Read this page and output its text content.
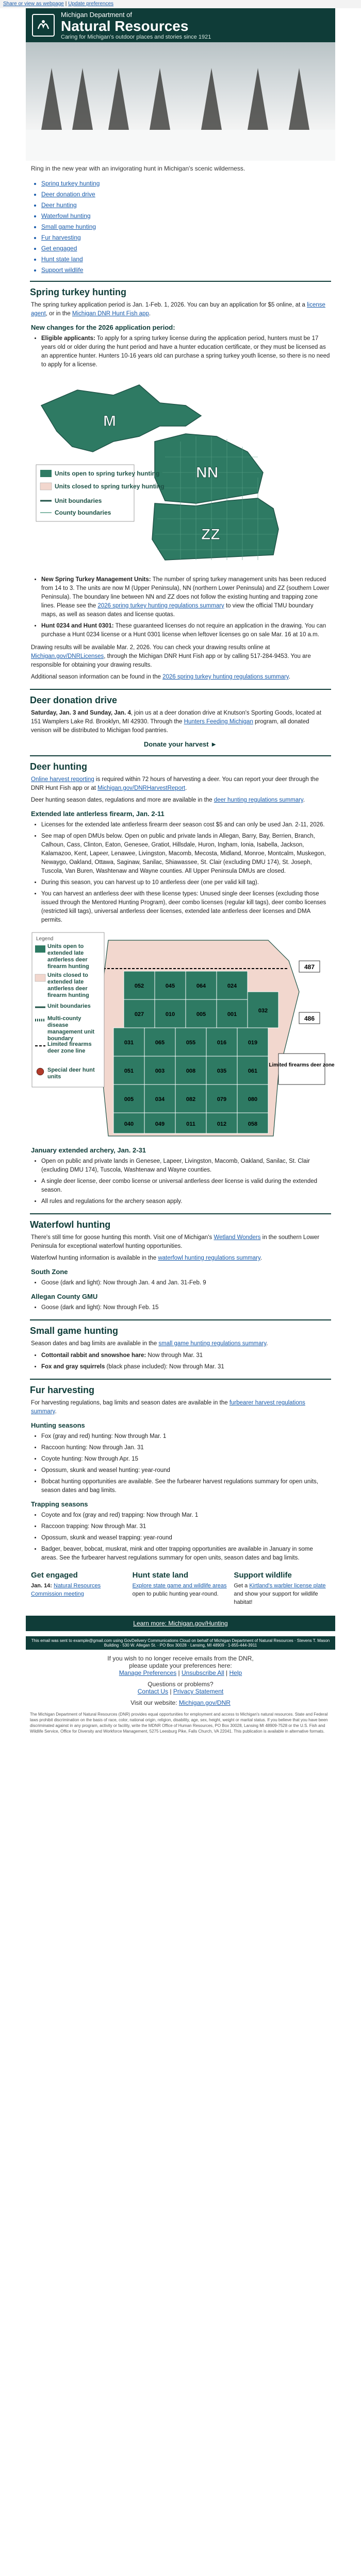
Share or view as webpage | Update preferences
Michigan Department of
Natural Resources
Caring for Michigan's outdoor places and stories since 1921
Ring in the new year with an invigorating hunt in Michigan's scenic wilderness.
• Spring turkey hunting
• Deer donation drive
• Deer hunting
• Waterfowl hunting
• Small game hunting
• Fur harvesting
• Get engaged
• Hunt state land
• Support wildlife
Spring turkey hunting

The spring turkey application period is Jan. 1-Feb. 1, 2026. You can buy an application for $5 online, at a license agent, or in the Michigan DNR Hunt Fish app.

New changes for the 2026 application period:
• Eligible applicants: To apply for a spring turkey license during the application period, hunters must be 17 years old or older during the hunt period and have a hunter education certificate, or they must be licensed as an apprentice hunter. Hunters 10-16 years old can purchase a spring turkey youth license, so there is no need to apply for a license.
M
NN
ZZ
Units open to spring turkey hunting
Units closed to spring turkey hunting
Unit boundaries
County boundaries
• New Spring Turkey Management Units: The number of spring turkey management units has been reduced from 14 to 3. The units are now M (Upper Peninsula), NN (northern Lower Peninsula) and ZZ (southern Lower Peninsula). The boundary line between NN and ZZ does not follow the existing hunting and trapping zone lines. Please see the 2026 spring turkey hunting regulations summary to view the official TMU boundary maps, as well as season dates and license quotas.
• Hunt 0234 and Hunt 0301: These guaranteed licenses do not require an application in the drawing. You can purchase a Hunt 0234 license or a Hunt 0301 license when leftover licenses go on sale Mar. 16 at 10 a.m.

Drawing results will be available Mar. 2, 2026. You can check your drawing results online at Michigan.gov/DNRLicenses, through the Michigan DNR Hunt Fish app or by calling 517-284-9453. You are responsible for obtaining your drawing results.

Additional season information can be found in the 2026 spring turkey hunting regulations summary.

Deer donation drive

Saturday, Jan. 3 and Sunday, Jan. 4, join us at a deer donation drive at Knutson's Sporting Goods, located at 151 Wamplers Lake Rd. Brooklyn, MI 42930. Through the Hunters Feeding Michigan program, all donated venison will be distributed to Michigan food pantries.

Donate your harvest ►
Deer hunting

Online harvest reporting is required within 72 hours of harvesting a deer. You can report your deer through the DNR Hunt Fish app or at Michigan.gov/DNRHarvestReport.

Deer hunting season dates, regulations and more are available in the deer hunting regulations summary.

Extended late antlerless firearm, Jan. 2-11
• Licenses for the extended late antlerless firearm deer season cost $5 and can only be used Jan. 2-11, 2026.
• See map of open DMUs below. Open on public and private lands in Allegan, Barry, Bay, Berrien, Branch, Calhoun, Cass, Clinton, Eaton, Genesee, Gratiot, Hillsdale, Huron, Ingham, Ionia, Isabella, Jackson, Kalamazoo, Kent, Lapeer, Lenawee, Livingston, Macomb, Mecosta, Midland, Monroe, Montcalm, Muskegon, Newaygo, Oakland, Ottawa, Saginaw, Sanilac, Shiawassee, St. Clair (excluding DMU 174), St. Joseph, Tuscola, Van Buren, Washtenaw and Wayne counties. All Upper Peninsula DMUs are closed.
• During this season, you can harvest up to 10 antlerless deer (one per valid kill tag).
• You can harvest an antlerless deer with these license types: Unused single deer licenses (excluding those issued through the Mentored Hunting Program), deer combo licenses (regular kill tags), deer combo licenses (restricted kill tags), universal antlerless deer licenses, extended late antlerless deer licenses and DMA permits.
052	045	064	024
027	010	005	001
032
031	065	055	016	019
051	003	008	035	061
005	034	082	079	080
040	049	011	012	058
487
486
Limited firearms deer zone
Legend
Units open to extended late antlerless deer firearm hunting
Units closed to extended late antlerless deer firearm hunting
Unit boundaries
Multi-county disease management unit boundary
Limited firearms deer zone line
Special deer hunt units
January extended archery, Jan. 2-31
• Open on public and private lands in Genesee, Lapeer, Livingston, Macomb, Oakland, Sanilac, St. Clair (excluding DMU 174), Tuscola, Washtenaw and Wayne counties.
• A single deer license, deer combo license or universal antlerless deer license is valid during the extended season.
• All rules and regulations for the archery season apply.
Waterfowl hunting

There's still time for goose hunting this month. Visit one of Michigan's Wetland Wonders in the southern Lower Peninsula for exceptional waterfowl hunting opportunities.

Waterfowl hunting information is available in the waterfowl hunting regulations summary.

South Zone
• Goose (dark and light): Now through Jan. 4 and Jan. 31-Feb. 9
Allegan County GMU
• Goose (dark and light): Now through Feb. 15
Small game hunting

Season dates and bag limits are available in the small game hunting regulations summary.

• Cottontail rabbit and snowshoe hare: Now through Mar. 31
• Fox and gray squirrels (black phase included): Now through Mar. 31
Fur harvesting

For harvesting regulations, bag limits and season dates are available in the furbearer harvest regulations summary.

Hunting seasons
• Fox (gray and red) hunting: Now through Mar. 1
• Raccoon hunting: Now through Jan. 31
• Coyote hunting: Now through Apr. 15
• Opossum, skunk and weasel hunting: year-round
• Bobcat hunting opportunities are available. See the furbearer harvest regulations summary for open units, season dates and bag limits.
Trapping seasons
• Coyote and fox (gray and red) trapping: Now through Mar. 1
• Raccoon trapping: Now through Mar. 31
• Opossum, skunk and weasel trapping: year-round
• Badger, beaver, bobcat, muskrat, mink and otter trapping opportunities are available in January in some areas. See the furbearer harvest regulations summary for open units, season dates and bag limits.
Get engaged

Jan. 14: Natural Resources Commission meeting

Hunt state land

Explore state game and wildlife areas open to public hunting year-round.

Support wildlife

Get a Kirtland's warbler license plate and show your support for wildlife habitat!

Learn more: Michigan.gov/Hunting
This email was sent to example@gmail.com using GovDelivery Communications Cloud on behalf of Michigan Department of Natural Resources · Stevens T. Mason Building · 530 W. Allegan St. · PO Box 30028 · Lansing, MI 48909 · 1-855-444-3911
If you wish to no longer receive emails from the DNR,
please update your preferences here:
Manage Preferences | Unsubscribe All | Help
Questions or problems?
Contact Us | Privacy Statement
Visit our website: Michigan.gov/DNR
The Michigan Department of Natural Resources (DNR) provides equal opportunities for employment and access to Michigan's natural resources. State and Federal laws prohibit discrimination on the basis of race, color, national origin, religion, disability, age, sex, height, weight or marital status. If you believe that you have been discriminated against in any program, activity or facility, write the MDNR Office of Human Resources, PO Box 30028, Lansing MI 48909-7528 or the U.S. Fish and Wildlife Service, Office for Diversity and Workforce Management, 5275 Leesburg Pike, Falls Church, VA 22041. This publication is available in alternative formats.
